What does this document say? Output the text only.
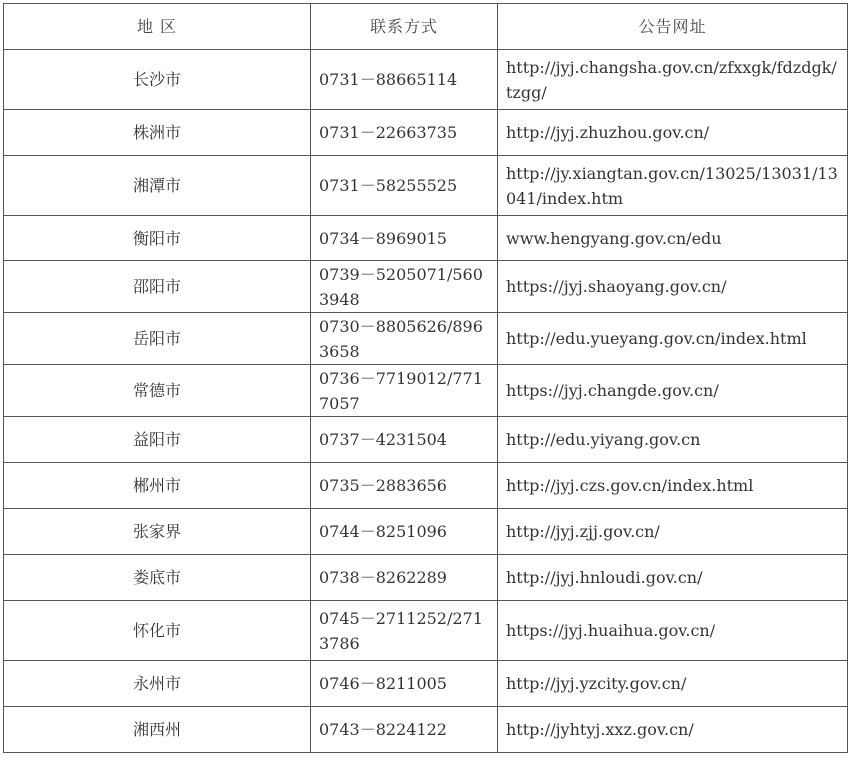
地 区	联系方式	公告网址
长沙市	0731－88665114	http://jyj.changsha.gov.cn/zfxxgk/fdzdgk/tzgg/
株洲市	0731－22663735	http://jyj.zhuzhou.gov.cn/
湘潭市	0731－58255525	http://jy.xiangtan.gov.cn/13025/13031/13041/index.htm
衡阳市	0734－8969015	www.hengyang.gov.cn/edu
邵阳市	0739－5205071/5603948	https://jyj.shaoyang.gov.cn/
岳阳市	0730－8805626/8963658	http://edu.yueyang.gov.cn/index.html
常德市	0736－7719012/7717057	https://jyj.changde.gov.cn/
益阳市	0737－4231504	http://edu.yiyang.gov.cn
郴州市	0735－2883656	http://jyj.czs.gov.cn/index.html
张家界	0744－8251096	http://jyj.zjj.gov.cn/
娄底市	0738－8262289	http://jyj.hnloudi.gov.cn/
怀化市	0745－2711252/2713786	https://jyj.huaihua.gov.cn/
永州市	0746－8211005	http://jyj.yzcity.gov.cn/
湘西州	0743－8224122	http://jyhtyj.xxz.gov.cn/
